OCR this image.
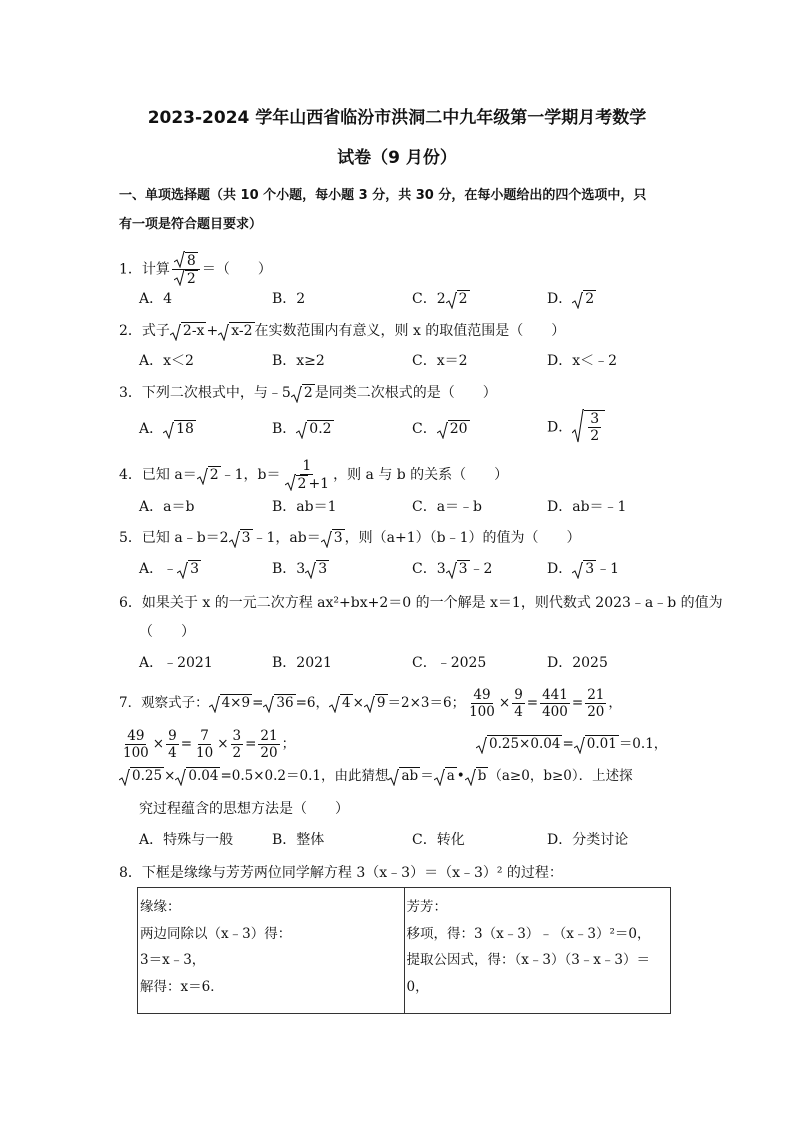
2023-2024 学年山西省临汾市洪洞二中九年级第一学期月考数学
试卷（9 月份）
一、单项选择题（共 10 个小题，每小题 3 分，共 30 分，在每小题给出的四个选项中，只
有一项是符合题目要求）
1．计算 $\frac{8}{2}$ ＝（　　）
A．4	B．2	C．2 2	D． 2
2．式子 2-x + x-2 在实数范围内有意义，则 x 的取值范围是（　　）
A．x＜2	B．x≥2	C．x＝2	D．x＜﹣2
3．下列二次根式中，与﹣5 2 是同类二次根式的是（　　）
A． 18	B． 0.2	C． 20	D． $\frac{3}{2}$
4．已知 a＝ 2 ﹣1，$b= \frac{1}{2 +1}$ ，则 a 与 b 的关系（　　）
A．a＝b	B．ab＝1	C．a＝﹣b	D．ab＝﹣1
5．已知 a﹣b＝2 3 ﹣1，ab＝ 3 ，则（a+1）（b﹣1）的值为（　　）
A．﹣ 3	B．3 3	C．3 3 ﹣2	D． 3 ﹣1
6．如果关于 x 的一元二次方程 ax²+bx+2＝0 的一个解是 x＝1，则代数式 2023﹣a﹣b 的值为
（　　）
A．﹣2021	B．2021	C．﹣2025	D．2025
7．观察式子： 4×9 = 36 =6， 4 × 9 ＝2×3＝6； $\frac{49}{100} \times \frac{9}{4} = \frac{441}{400} = \frac{21}{20}$ ，
$\frac{49}{100} \times \frac{9}{4} = \frac{7}{10} \times \frac{3}{2} = \frac{21}{20}$ ；	0.25×0.04 = 0.01 ＝0.1，
0.25 × 0.04 =0.5×0.2＝0.1，由此猜想 ab ＝ a • b （a≥0，b≥0）．上述探
究过程蕴含的思想方法是（　　）
A．特殊与一般	B．整体	C．转化	D．分类讨论
8．下框是缘缘与芳芳两位同学解方程 3（x﹣3）＝（x﹣3）² 的过程：
缘缘：
两边同除以（x﹣3）得：
3＝x﹣3，
解得：x＝6．

芳芳：
移项，得：3（x﹣3）﹣（x﹣3）²＝0，
提取公因式，得：（x﹣3）（3﹣x﹣3）＝
0，
